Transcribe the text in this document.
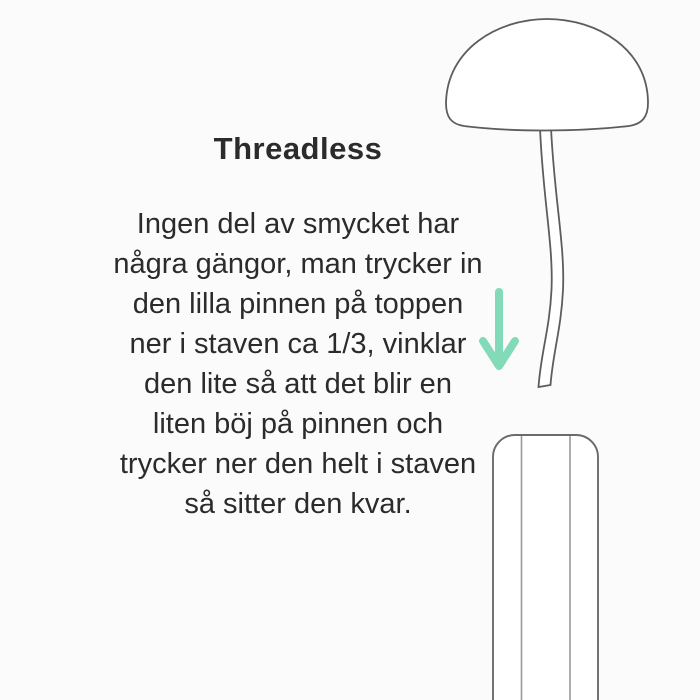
Threadless
Ingen del av smycket har
några gängor, man trycker in
den lilla pinnen på toppen
ner i staven ca 1/3, vinklar
den lite så att det blir en
liten böj på pinnen och
trycker ner den helt i staven
så sitter den kvar.
